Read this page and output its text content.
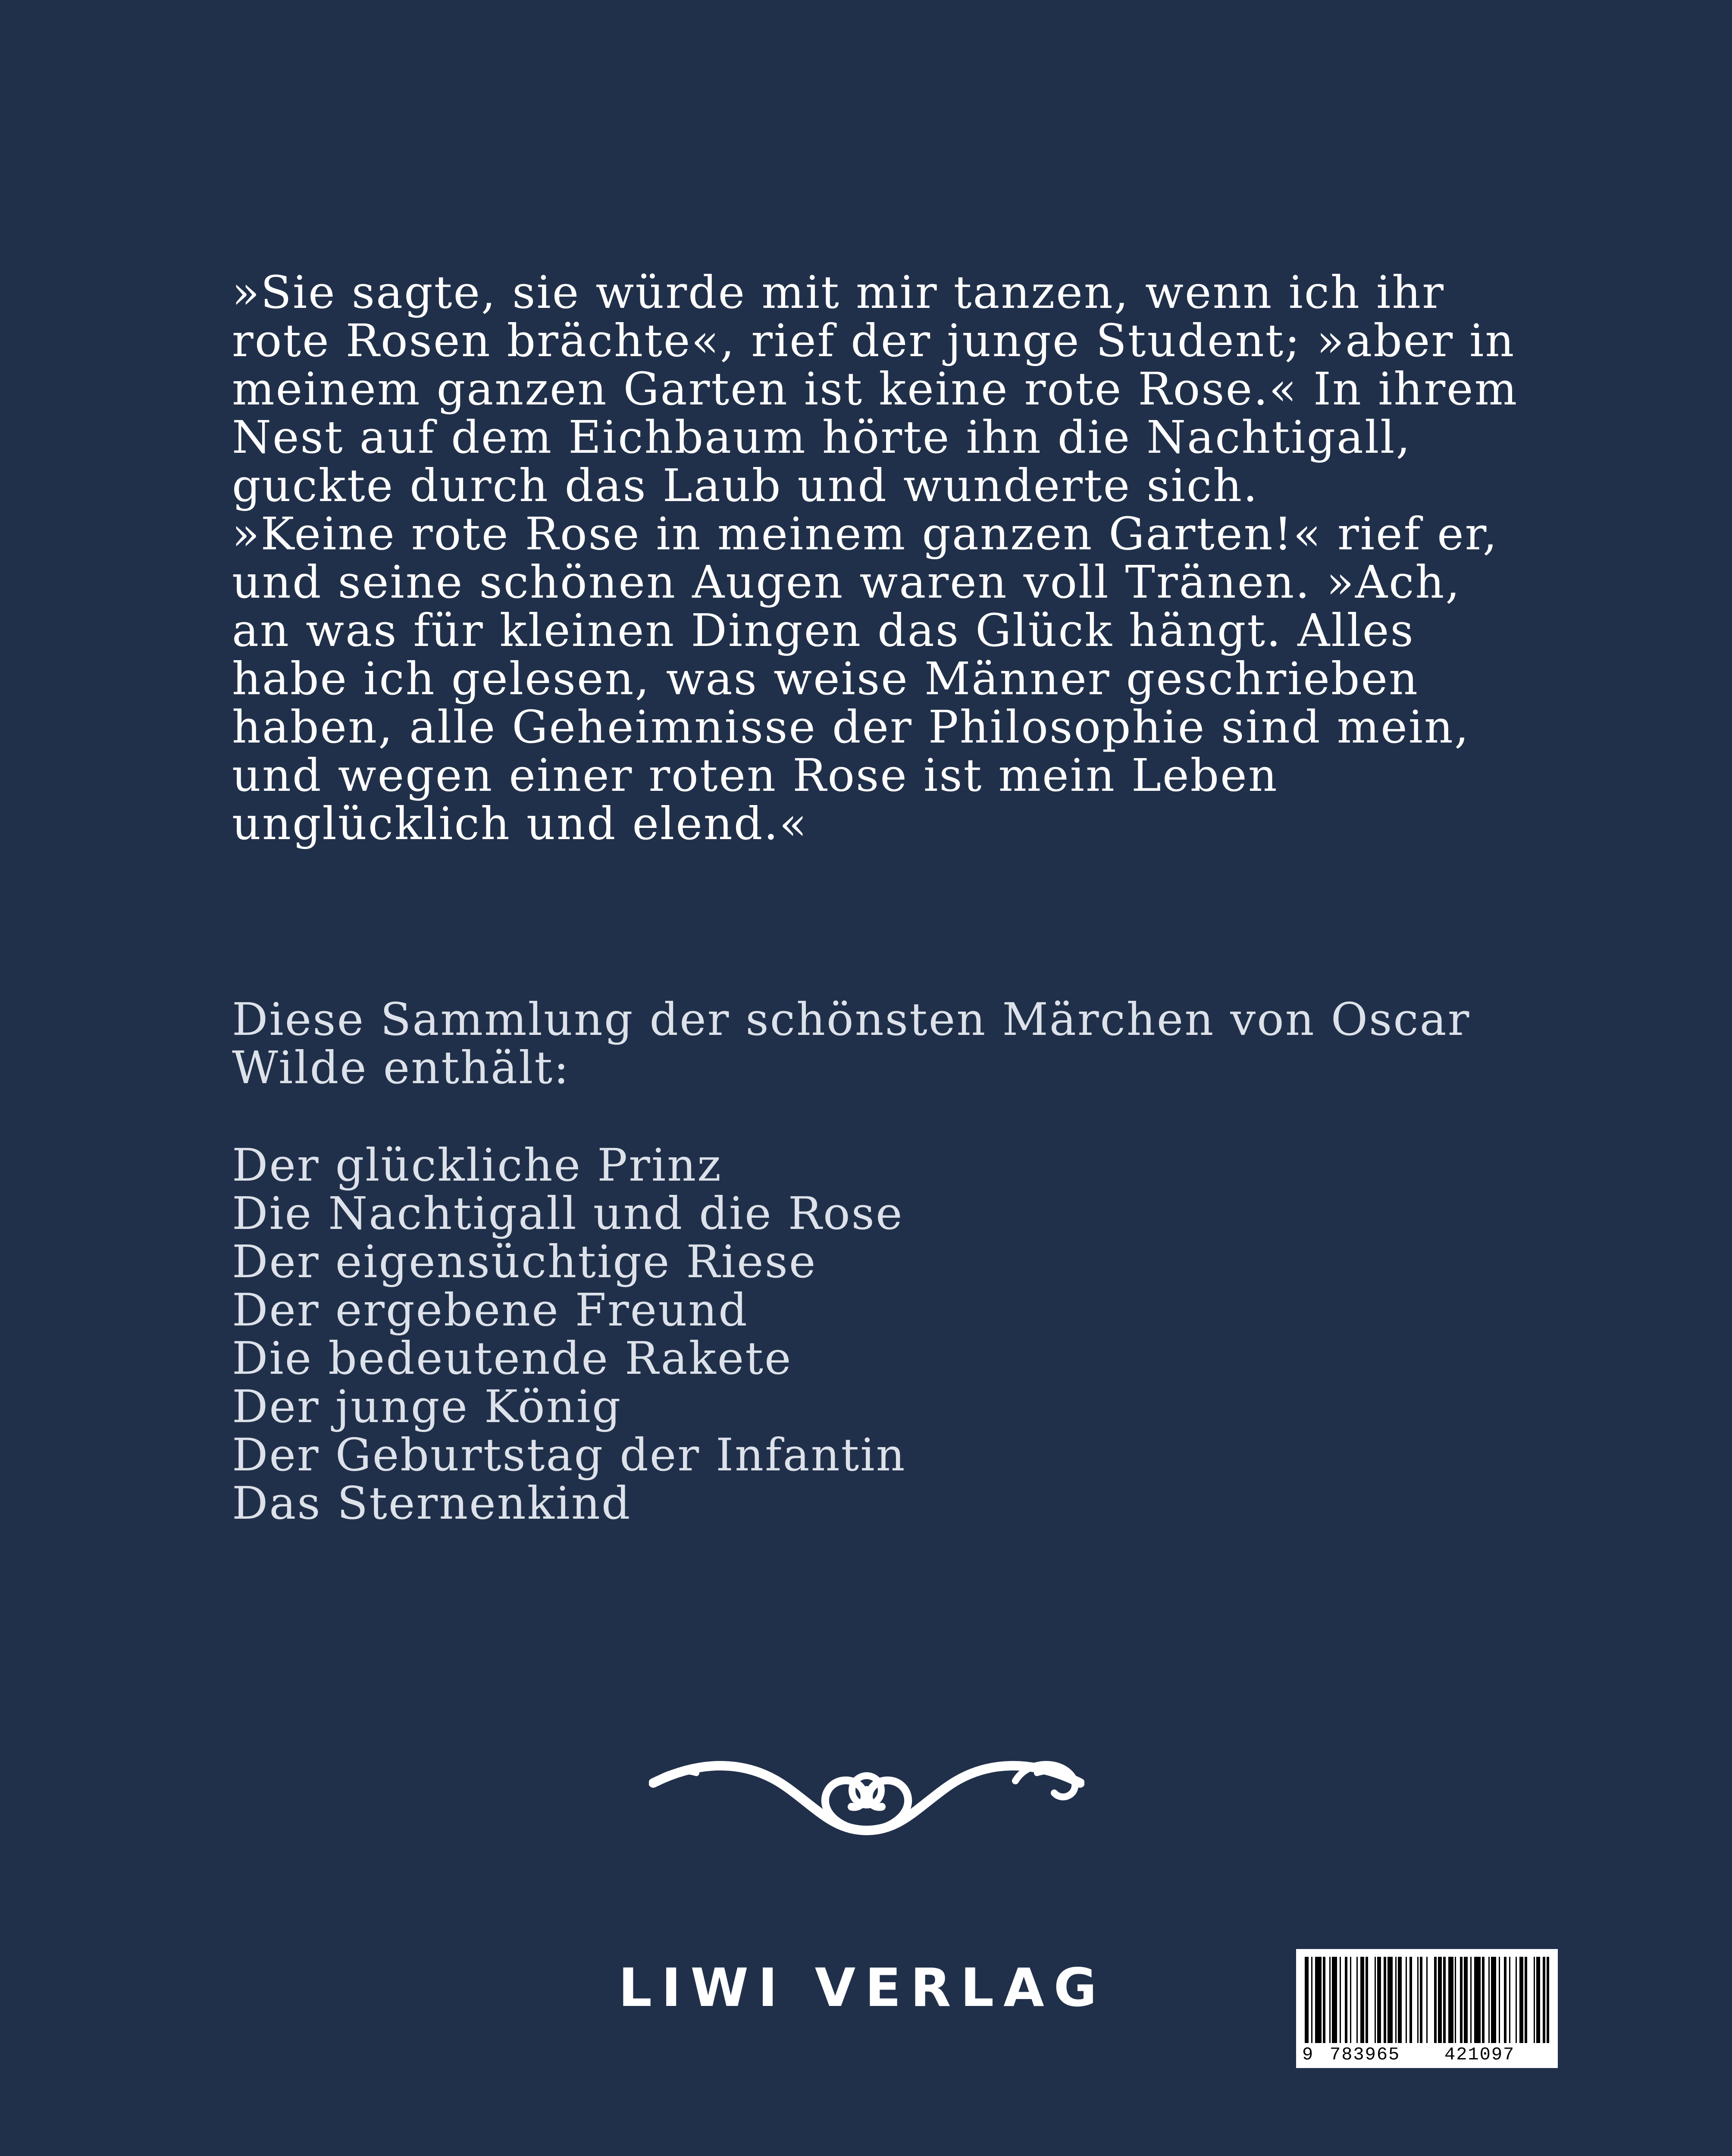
»Sie sagte, sie würde mit mir tanzen, wenn ich ihr rote Rosen brächte«, rief der junge Student; »aber in meinem ganzen Garten ist keine rote Rose.« In ihrem Nest auf dem Eichbaum hörte ihn die Nachtigall, guckte durch das Laub und wunderte sich.

»Keine rote Rose in meinem ganzen Garten!« rief er, und seine schönen Augen waren voll Tränen. »Ach, an was für kleinen Dingen das Glück hängt. Alles habe ich gelesen, was weise Männer geschrieben haben, alle Geheimnisse der Philosophie sind mein, und wegen einer roten Rose ist mein Leben unglücklich und elend.«

Diese Sammlung der schönsten Märchen von Oscar Wilde enthält:
Der glückliche Prinz
Die Nachtigall und die Rose
Der eigensüchtige Riese
Der ergebene Freund
Die bedeutende Rakete
Der junge König
Der Geburtstag der Infantin
Das Sternenkind
LIWI VERLAG
9 783965 421097
